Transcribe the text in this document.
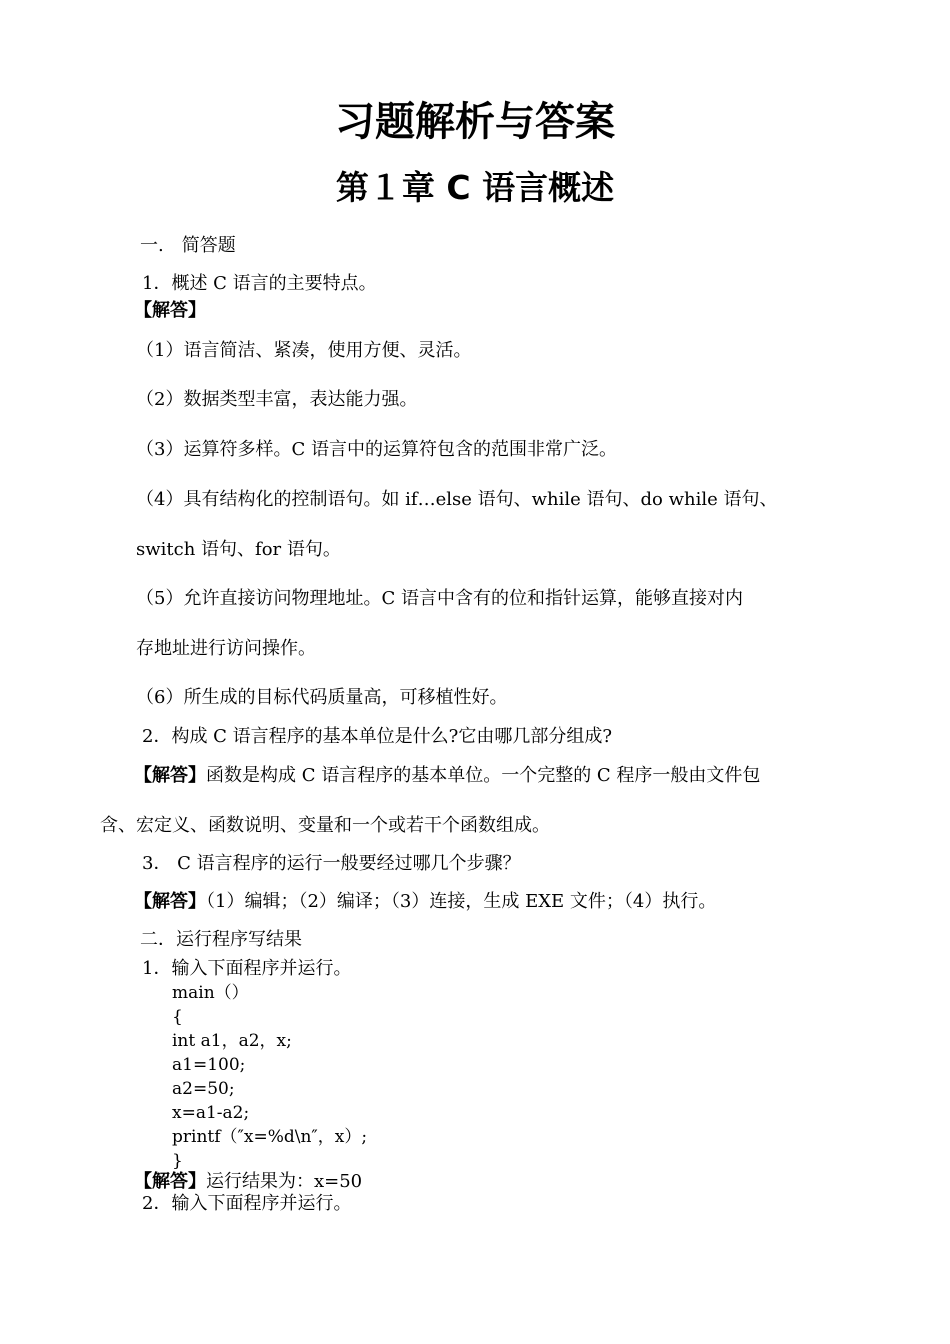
习题解析与答案
第１章 C 语言概述
一.　简答题
1．概述 C 语言的主要特点。
【解答】
（1）语言简洁、紧凑，使用方便、灵活。
（2）数据类型丰富，表达能力强。
（3）运算符多样。C 语言中的运算符包含的范围非常广泛。
（4）具有结构化的控制语句。如 if…else 语句、while 语句、do while 语句、
switch 语句、for 语句。
（5）允许直接访问物理地址。C 语言中含有的位和指针运算，能够直接对内
存地址进行访问操作。
（6）所生成的目标代码质量高，可移植性好。
2．构成 C 语言程序的基本单位是什么?它由哪几部分组成?
【解答】函数是构成 C 语言程序的基本单位。一个完整的 C 程序一般由文件包
含、宏定义、函数说明、变量和一个或若干个函数组成。
3． C 语言程序的运行一般要经过哪几个步骤？
【解答】（1）编辑；（2）编译；（3）连接，生成 EXE 文件；（4）执行。
二．运行程序写结果
1．输入下面程序并运行。
main（）
{
int a1，a2，x;
a1=100;
a2=50;
x=a1-a2;
printf（″x=%d\n″，x）;
}
【解答】运行结果为：x=50
2．输入下面程序并运行。
